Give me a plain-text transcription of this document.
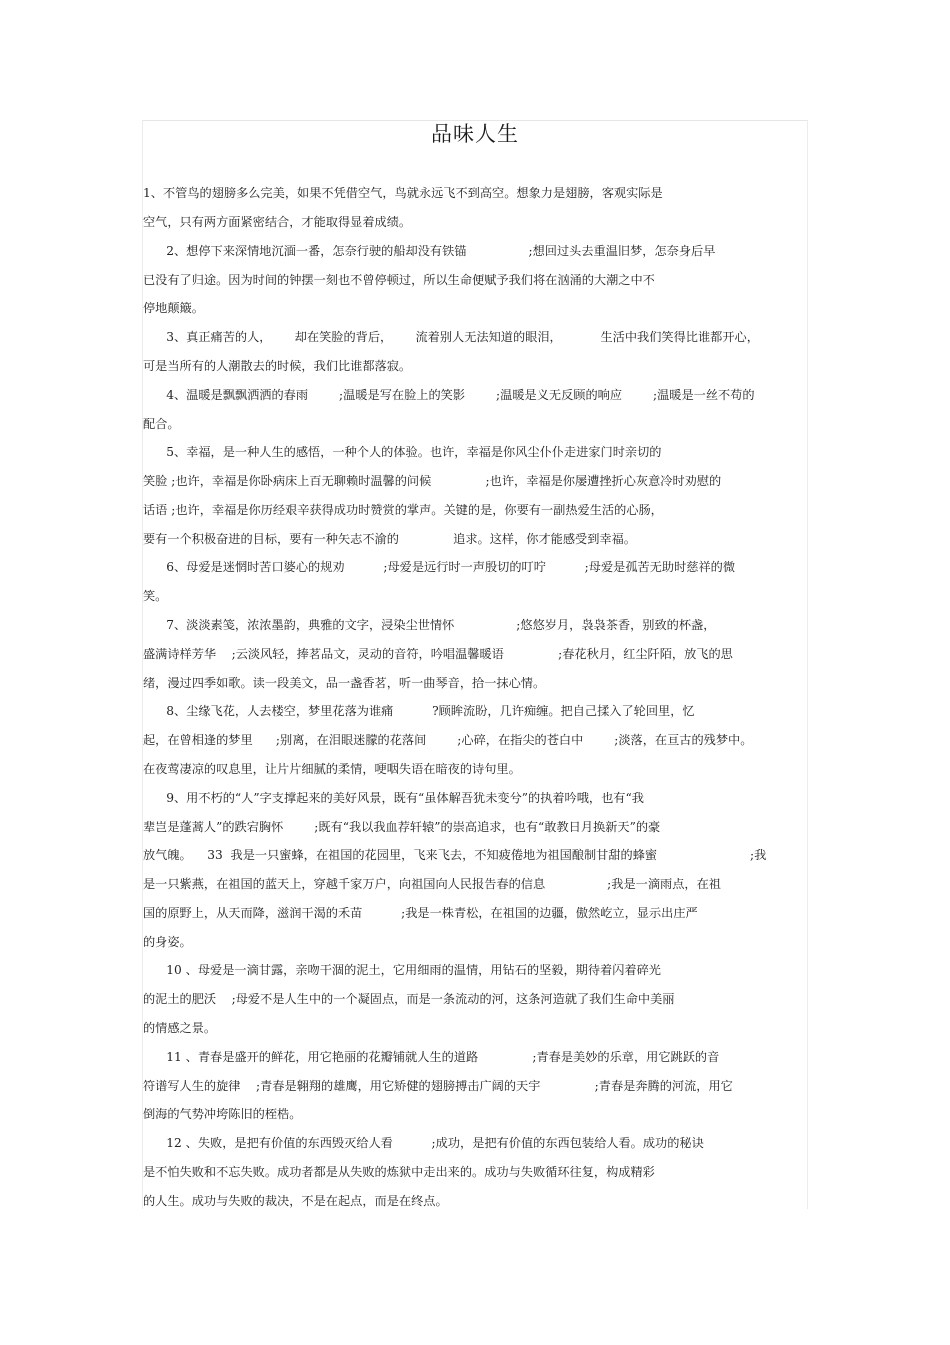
品味人生
1、不管鸟的翅膀多么完美，如果不凭借空气，鸟就永远飞不到高空。想象力是翅膀，客观实际是
空气，只有两方面紧密结合，才能取得显着成绩。
2、想停下来深情地沉湎一番，怎奈行驶的船却没有铁锚                ;想回过头去重温旧梦，怎奈身后早
已没有了归途。因为时间的钟摆一刻也不曾停顿过，所以生命便赋予我们将在汹涌的大潮之中不
停地颠簸。
3、真正痛苦的人，      却在笑脸的背后，      流着别人无法知道的眼泪，          生活中我们笑得比谁都开心，
可是当所有的人潮散去的时候，我们比谁都落寂。
4、温暖是飘飘洒洒的春雨        ;温暖是写在脸上的笑影        ;温暖是义无反顾的响应        ;温暖是一丝不苟的
配合。
5、幸福，是一种人生的感悟，一种个人的体验。也许，幸福是你风尘仆仆走进家门时亲切的
笑脸 ;也许，幸福是你卧病床上百无聊赖时温馨的问候              ;也许，幸福是你屡遭挫折心灰意冷时劝慰的
话语 ;也许，幸福是你历经艰辛获得成功时赞赏的掌声。关键的是，你要有一副热爱生活的心肠，
要有一个积极奋进的目标，要有一种矢志不渝的              追求。这样，你才能感受到幸福。
6、母爱是迷惘时苦口婆心的规劝          ;母爱是远行时一声殷切的叮咛          ;母爱是孤苦无助时慈祥的微
笑。
7、淡淡素笺，浓浓墨韵，典雅的文字，浸染尘世情怀                ;悠悠岁月，袅袅茶香，别致的杯盏，
盛满诗样芳华    ;云淡风轻，捧茗品文，灵动的音符，吟唱温馨暖语              ;春花秋月，红尘阡陌，放飞的思
绪，漫过四季如歌。读一段美文，品一盏香茗，听一曲琴音，拾一抹心情。
8、尘缘飞花，人去楼空，梦里花落为谁痛          ?顾眸流盼，几许痴缠。把自己揉入了轮回里，忆
起，在曾相逢的梦里      ;别离，在泪眼迷朦的花落间        ;心碎，在指尖的苍白中        ;淡落，在亘古的残梦中。
在夜莺凄凉的叹息里，让片片细腻的柔情，哽咽失语在暗夜的诗句里。
9、用不朽的“人”字支撑起来的美好风景，既有“虽体解吾犹未变兮”的执着吟哦，也有“我
辈岂是蓬蒿人”的跌宕胸怀        ;既有“我以我血荐轩辕”的崇高追求，也有“敢教日月换新天”的豪
放气魄。    33  我是一只蜜蜂，在祖国的花园里，飞来飞去，不知疲倦地为祖国酿制甘甜的蜂蜜                        ;我
是一只紫燕，在祖国的蓝天上，穿越千家万户，向祖国向人民报告春的信息                ;我是一滴雨点，在祖
国的原野上，从天而降，滋润干渴的禾苗          ;我是一株青松，在祖国的边疆，傲然屹立，显示出庄严
的身姿。
10 、母爱是一滴甘露，亲吻干涸的泥土，它用细雨的温情，用钻石的坚毅，期待着闪着碎光
的泥土的肥沃    ;母爱不是人生中的一个凝固点，而是一条流动的河，这条河造就了我们生命中美丽
的情感之景。
11 、青春是盛开的鲜花，用它艳丽的花瓣铺就人生的道路              ;青春是美妙的乐章，用它跳跃的音
符谱写人生的旋律    ;青春是翱翔的雄鹰，用它矫健的翅膀搏击广阔的天宇              ;青春是奔腾的河流，用它
倒海的气势冲垮陈旧的桎梏。
12 、失败，是把有价值的东西毁灭给人看          ;成功，是把有价值的东西包装给人看。成功的秘诀
是不怕失败和不忘失败。成功者都是从失败的炼狱中走出来的。成功与失败循环往复，构成精彩
的人生。成功与失败的裁决，不是在起点，而是在终点。
